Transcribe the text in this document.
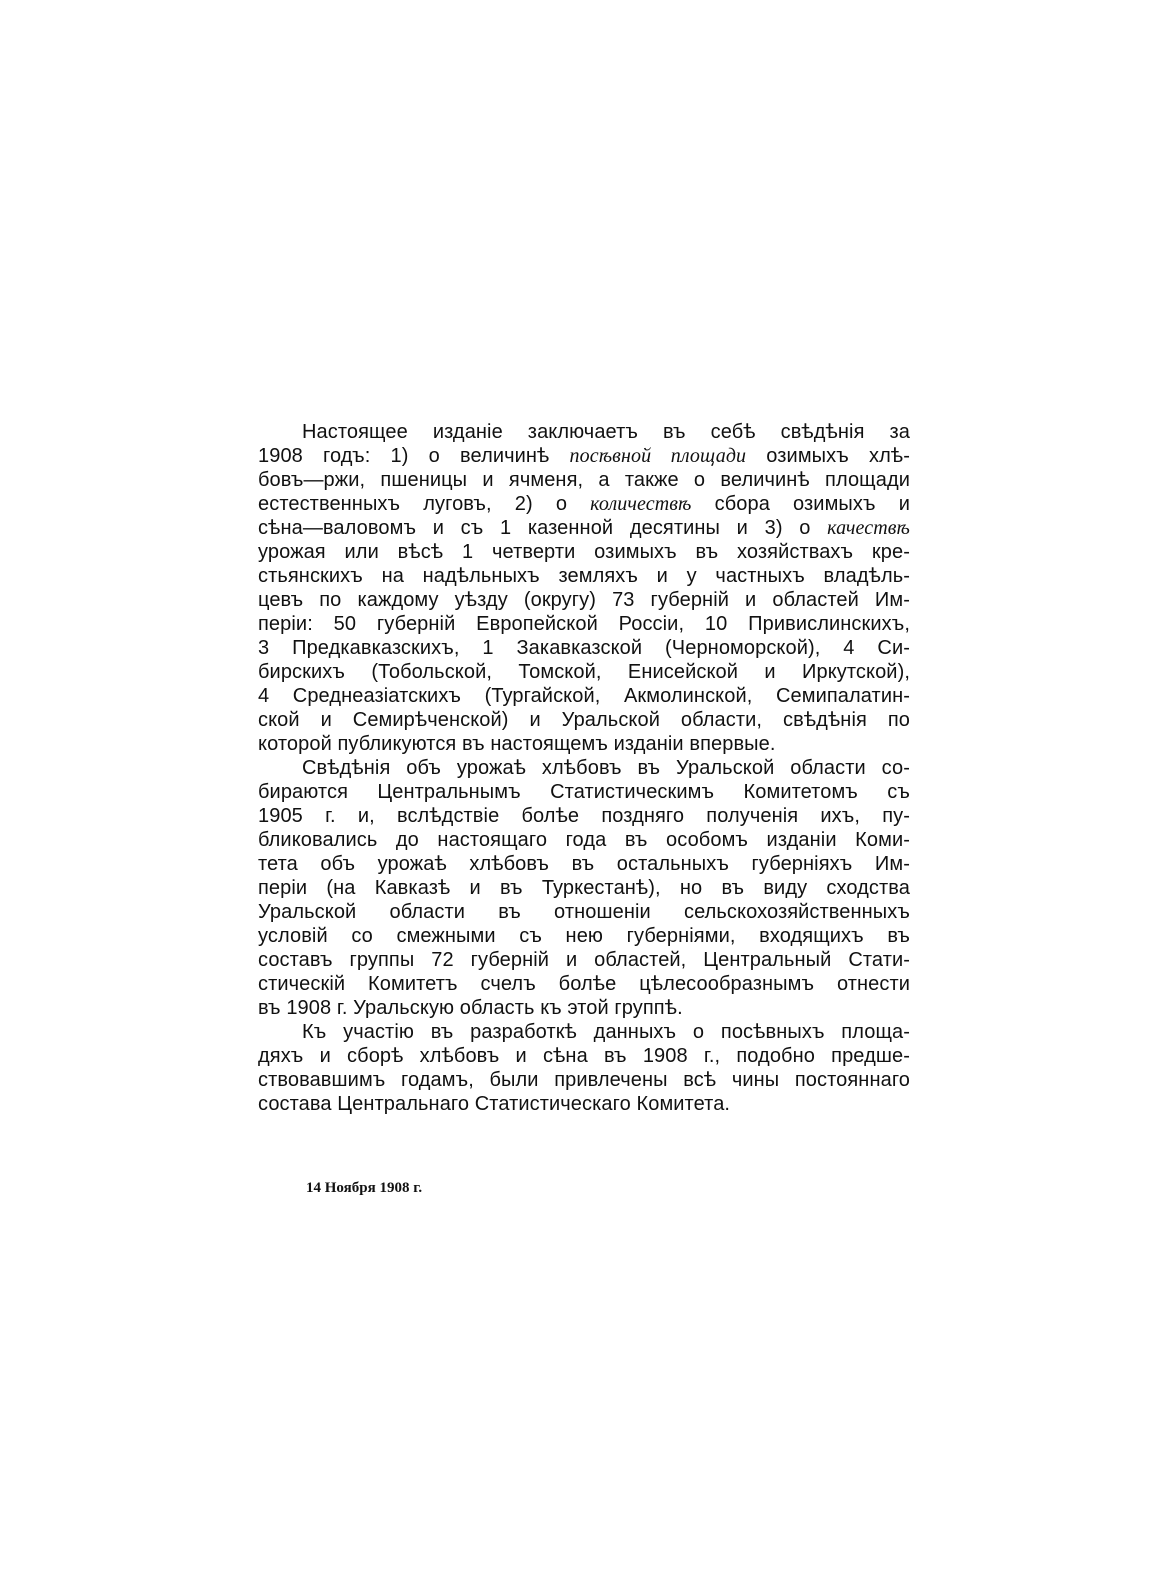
Настоящее изданіе заключаетъ въ себѣ свѣдѣнія за
1908 годъ: 1) о величинѣ посѣвной площади озимыхъ хлѣ-
бовъ—ржи, пшеницы и ячменя, а также о величинѣ площади
естественныхъ луговъ, 2) о количествѣ сбора озимыхъ и
сѣна—валовомъ и съ 1 казенной десятины и 3) о качествѣ
урожая или вѣсѣ 1 четверти озимыхъ въ хозяйствахъ кре-
стьянскихъ на надѣльныхъ земляхъ и у частныхъ владѣль-
цевъ по каждому уѣзду (округу) 73 губерній и областей Им-
періи: 50 губерній Европейской Россіи, 10 Привислинскихъ,
3 Предкавказскихъ, 1 Закавказской (Черноморской), 4 Си-
бирскихъ (Тобольской, Томской, Енисейской и Иркутской),
4 Среднеазіатскихъ (Тургайской, Акмолинской, Семипалатин-
ской и Семирѣченской) и Уральской области, свѣдѣнія по
которой публикуются въ настоящемъ изданіи впервые.
Свѣдѣнія объ урожаѣ хлѣбовъ въ Уральской области со-
бираются Центральнымъ Статистическимъ Комитетомъ съ
1905 г. и, вслѣдствіе болѣе поздняго полученія ихъ, пу-
бликовались до настоящаго года въ особомъ изданіи Коми-
тета объ урожаѣ хлѣбовъ въ остальныхъ губерніяхъ Им-
періи (на Кавказѣ и въ Туркестанѣ), но въ виду сходства
Уральской области въ отношеніи сельскохозяйственныхъ
условій со смежными съ нею губерніями, входящихъ въ
составъ группы 72 губерній и областей, Центральный Стати-
стическій Комитетъ счелъ болѣе цѣлесообразнымъ отнести
въ 1908 г. Уральскую область къ этой группѣ.
Къ участію въ разработкѣ данныхъ о посѣвныхъ площа-
дяхъ и сборѣ хлѣбовъ и сѣна въ 1908 г., подобно предше-
ствовавшимъ годамъ, были привлечены всѣ чины постояннаго
состава Центральнаго Статистическаго Комитета.
14 Ноября 1908 г.
